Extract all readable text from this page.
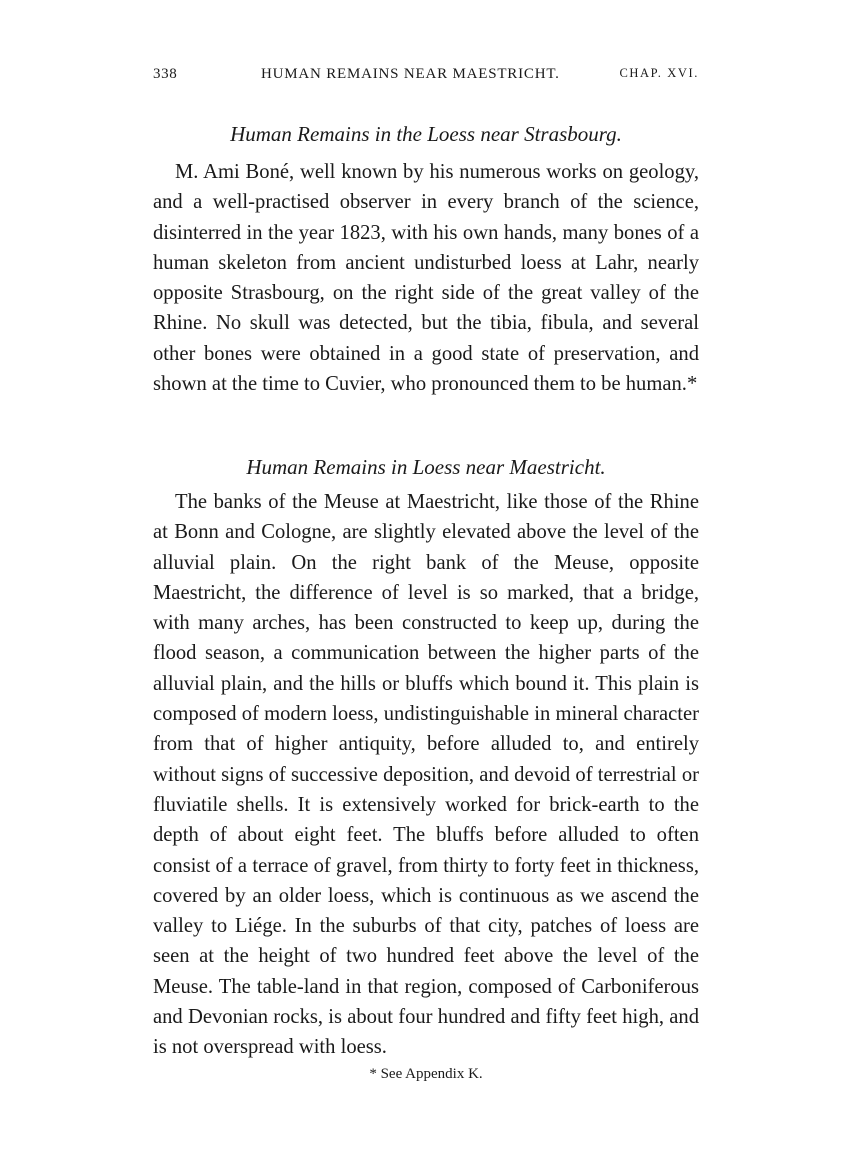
338	HUMAN REMAINS NEAR MAESTRICHT.	CHAP. XVI.
Human Remains in the Loess near Strasbourg.

M. Ami Boné, well known by his numerous works on geology, and a well-practised observer in every branch of the science, disinterred in the year 1823, with his own hands, many bones of a human skeleton from ancient undisturbed loess at Lahr, nearly opposite Strasbourg, on the right side of the great valley of the Rhine. No skull was detected, but the tibia, fibula, and several other bones were obtained in a good state of preservation, and shown at the time to Cuvier, who pronounced them to be human.*

Human Remains in Loess near Maestricht.

The banks of the Meuse at Maestricht, like those of the Rhine at Bonn and Cologne, are slightly elevated above the level of the alluvial plain. On the right bank of the Meuse, opposite Maestricht, the difference of level is so marked, that a bridge, with many arches, has been constructed to keep up, during the flood season, a communication between the higher parts of the alluvial plain, and the hills or bluffs which bound it. This plain is composed of modern loess, undistinguishable in mineral character from that of higher antiquity, before alluded to, and entirely without signs of successive deposition, and devoid of terrestrial or fluviatile shells. It is extensively worked for brick-earth to the depth of about eight feet. The bluffs before alluded to often consist of a terrace of gravel, from thirty to forty feet in thickness, covered by an older loess, which is continuous as we ascend the valley to Liége. In the suburbs of that city, patches of loess are seen at the height of two hundred feet above the level of the Meuse. The table-land in that region, composed of Carboniferous and Devonian rocks, is about four hundred and fifty feet high, and is not overspread with loess.

* See Appendix K.
